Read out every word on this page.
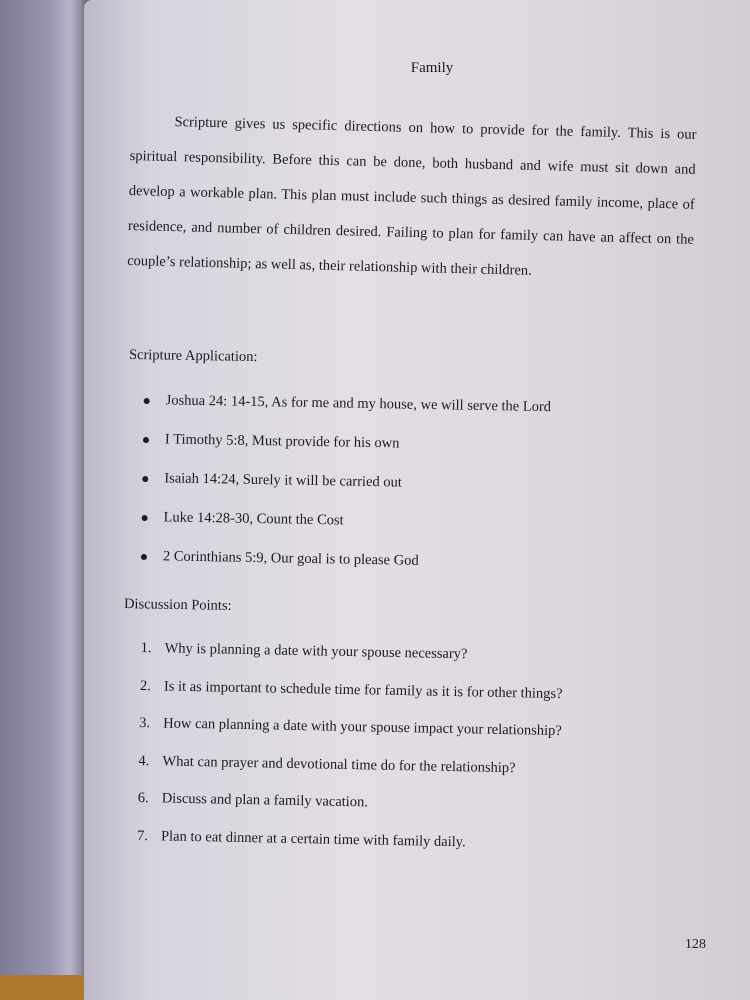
Family
Scripture gives us specific directions on how to provide for the family. This is our spiritual responsibility. Before this can be done, both husband and wife must sit down and develop a workable plan. This plan must include such things as desired family income, place of residence, and number of children desired. Failing to plan for family can have an affect on the couple’s relationship; as well as, their relationship with their children.
Scripture Application:
Joshua 24: 14-15, As for me and my house, we will serve the Lord
I Timothy 5:8, Must provide for his own
Isaiah 14:24, Surely it will be carried out
Luke 14:28-30, Count the Cost
2 Corinthians 5:9, Our goal is to please God
Discussion Points:
1. Why is planning a date with your spouse necessary?
2. Is it as important to schedule time for family as it is for other things?
3. How can planning a date with your spouse impact your relationship?
4. What can prayer and devotional time do for the relationship?
6. Discuss and plan a family vacation.
7. Plan to eat dinner at a certain time with family daily.
128
